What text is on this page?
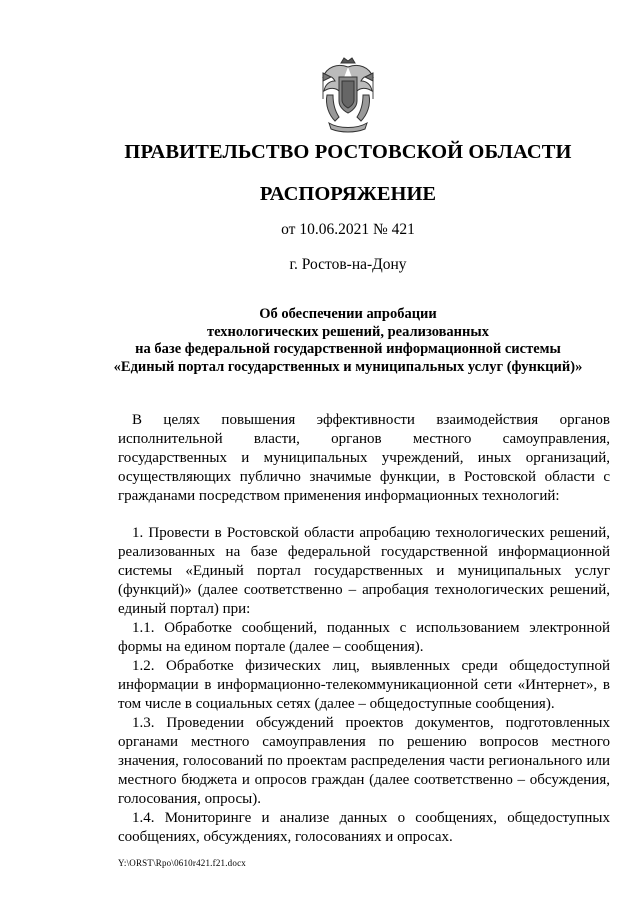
ПРАВИТЕЛЬСТВО РОСТОВСКОЙ ОБЛАСТИ
РАСПОРЯЖЕНИЕ
от 10.06.2021 № 421
г. Ростов-на-Дону
Об обеспечении апробации
технологических решений, реализованных
на базе федеральной государственной информационной системы
«Единый портал государственных и муниципальных услуг (функций)»

В целях повышения эффективности взаимодействия органов исполнительной власти, органов местного самоуправления, государственных и муниципальных учреждений, иных организаций, осуществляющих публично значимые функции, в Ростовской области с гражданами посредством применения информационных технологий:

1. Провести в Ростовской области апробацию технологических решений, реализованных на базе федеральной государственной информационной системы «Единый портал государственных и муниципальных услуг (функций)» (далее соответственно – апробация технологических решений, единый портал) при:

1.1. Обработке сообщений, поданных с использованием электронной формы на едином портале (далее – сообщения).

1.2. Обработке физических лиц, выявленных среди общедоступной информации в информационно-телекоммуникационной сети «Интернет», в том числе в социальных сетях (далее – общедоступные сообщения).

1.3. Проведении обсуждений проектов документов, подготовленных органами местного самоуправления по решению вопросов местного значения, голосований по проектам распределения части регионального или местного бюджета и опросов граждан (далее соответственно – обсуждения, голосования, опросы).

1.4. Мониторинге и анализе данных о сообщениях, общедоступных сообщениях, обсуждениях, голосованиях и опросах.

Y:\ORST\Rpo\0610r421.f21.docx
